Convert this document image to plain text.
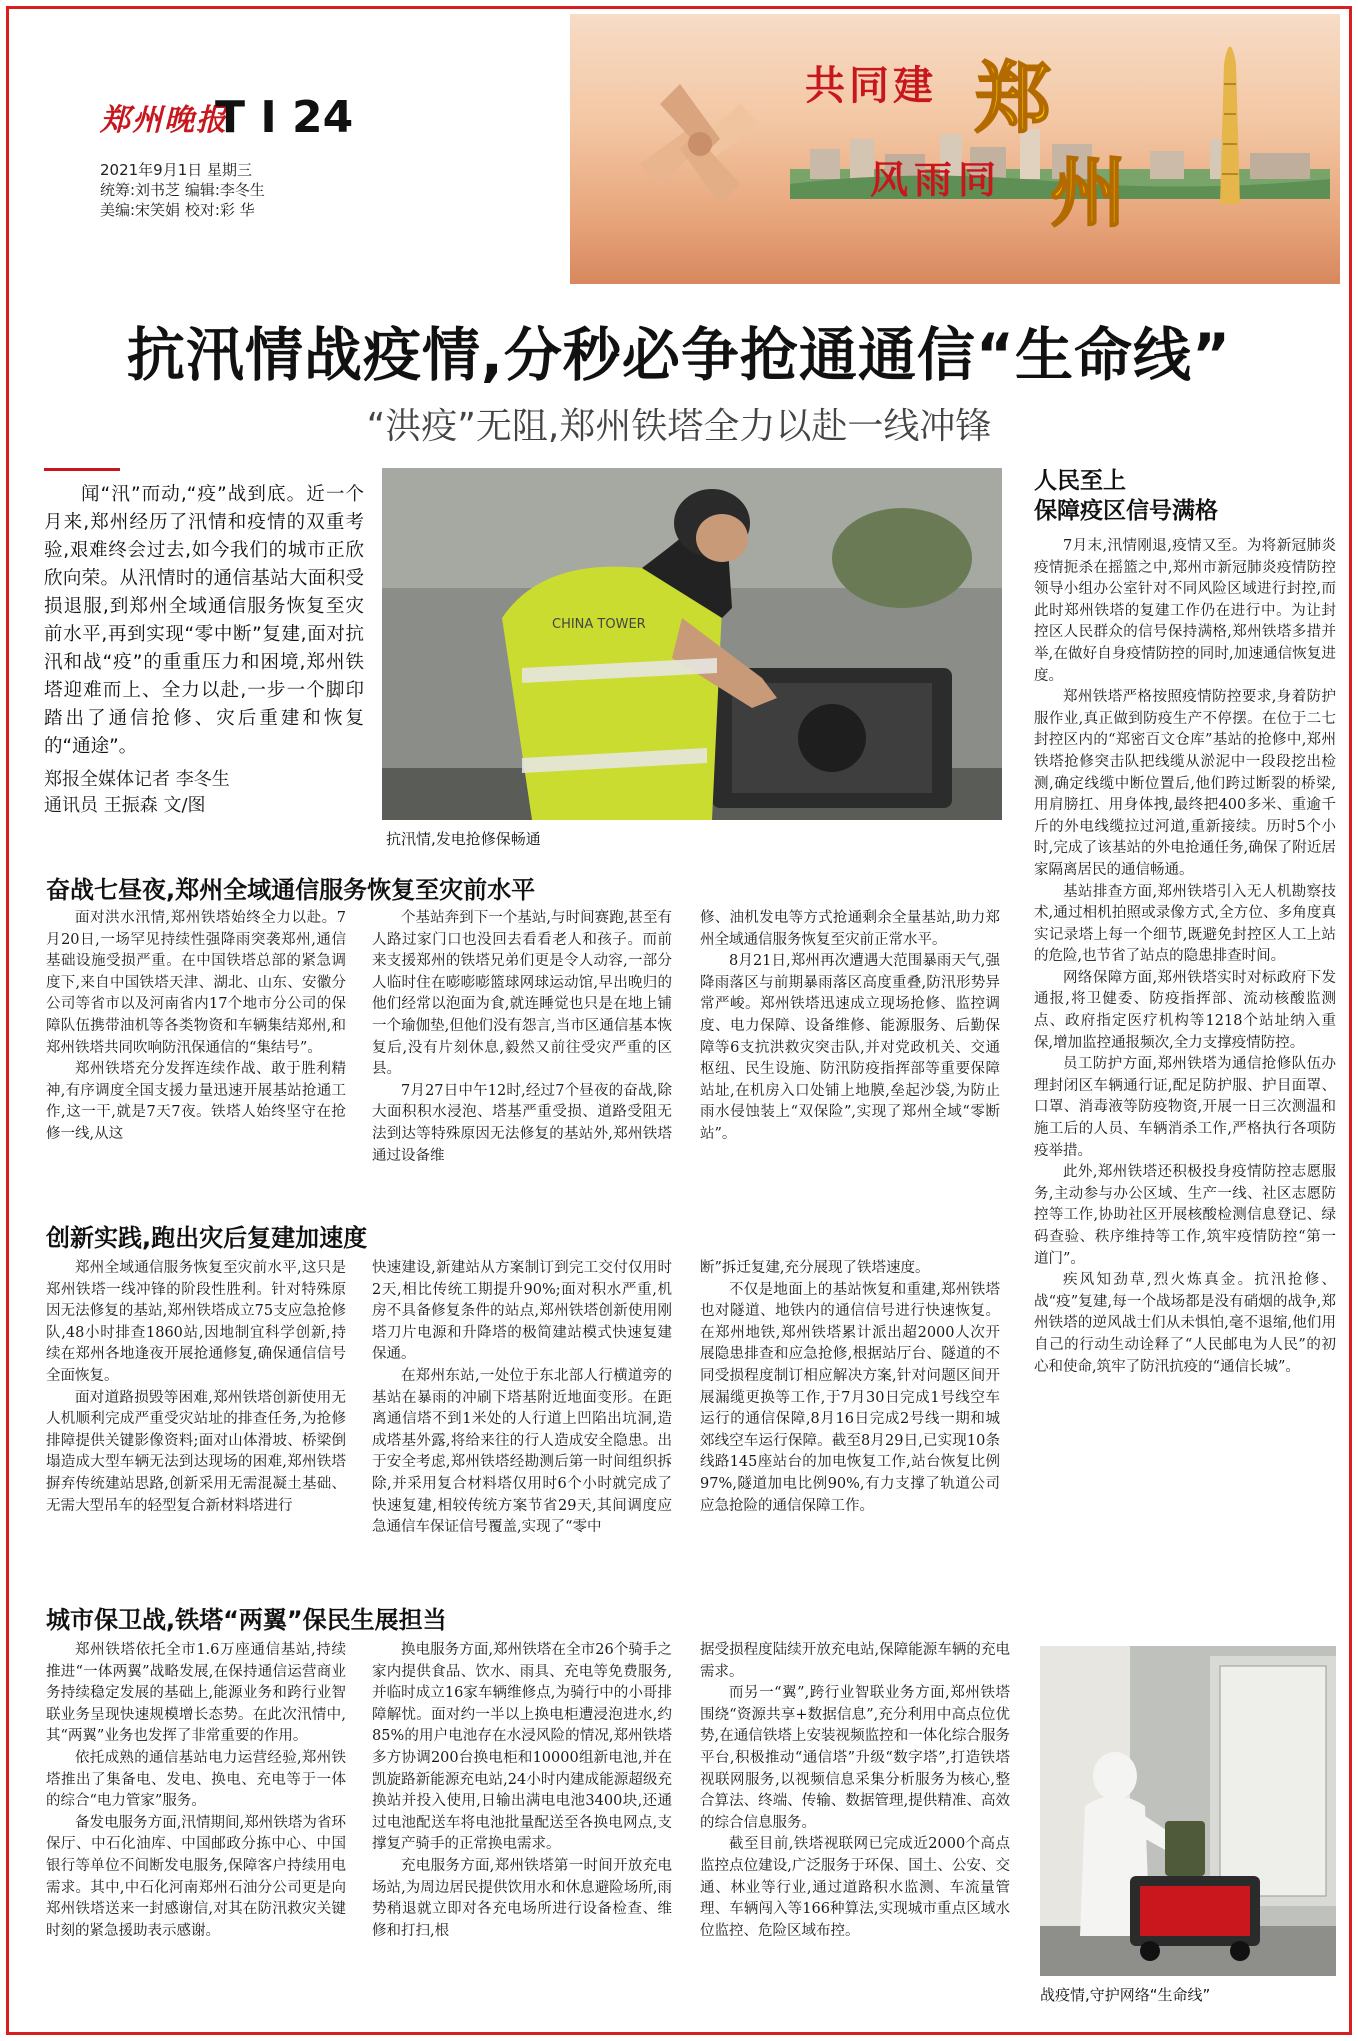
郑州晚报
T I 24
2021年9月1日 星期三
统筹:刘书芝 编辑:李冬生
美编:宋笑娟 校对:彩 华
共同建 郑
风雨同 州
抗汛情战疫情,分秒必争抢通通信“生命线”
“洪疫”无阻,郑州铁塔全力以赴一线冲锋

闻“汛”而动,“疫”战到底。近一个月来,郑州经历了汛情和疫情的双重考验,艰难终会过去,如今我们的城市正欣欣向荣。从汛情时的通信基站大面积受损退服,到郑州全域通信服务恢复至灾前水平,再到实现“零中断”复建,面对抗汛和战“疫”的重重压力和困境,郑州铁塔迎难而上、全力以赴,一步一个脚印踏出了通信抢修、灾后重建和恢复的“通途”。

郑报全媒体记者 李冬生
通讯员 王振森 文/图
CHINA TOWER
抗汛情,发电抢修保畅通
人民至上
保障疫区信号满格

7月末,汛情刚退,疫情又至。为将新冠肺炎疫情扼杀在摇篮之中,郑州市新冠肺炎疫情防控领导小组办公室针对不同风险区域进行封控,而此时郑州铁塔的复建工作仍在进行中。为让封控区人民群众的信号保持满格,郑州铁塔多措并举,在做好自身疫情防控的同时,加速通信恢复进度。

郑州铁塔严格按照疫情防控要求,身着防护服作业,真正做到防疫生产不停摆。在位于二七封控区内的“郑密百文仓库”基站的抢修中,郑州铁塔抢修突击队把线缆从淤泥中一段段挖出检测,确定线缆中断位置后,他们跨过断裂的桥梁,用肩膀扛、用身体拽,最终把400多米、重逾千斤的外电线缆拉过河道,重新接续。历时5个小时,完成了该基站的外电抢通任务,确保了附近居家隔离居民的通信畅通。

基站排查方面,郑州铁塔引入无人机勘察技术,通过相机拍照或录像方式,全方位、多角度真实记录塔上每一个细节,既避免封控区人工上站的危险,也节省了站点的隐患排查时间。

网络保障方面,郑州铁塔实时对标政府下发通报,将卫健委、防疫指挥部、流动核酸监测点、政府指定医疗机构等1218个站址纳入重保,增加监控通报频次,全力支撑疫情防控。

员工防护方面,郑州铁塔为通信抢修队伍办理封闭区车辆通行证,配足防护服、护目面罩、口罩、消毒液等防疫物资,开展一日三次测温和施工后的人员、车辆消杀工作,严格执行各项防疫举措。

此外,郑州铁塔还积极投身疫情防控志愿服务,主动参与办公区域、生产一线、社区志愿防控等工作,协助社区开展核酸检测信息登记、绿码查验、秩序维持等工作,筑牢疫情防控“第一道门”。

疾风知劲草,烈火炼真金。抗汛抢修、战“疫”复建,每一个战场都是没有硝烟的战争,郑州铁塔的逆风战士们从未惧怕,毫不退缩,他们用自己的行动生动诠释了“人民邮电为人民”的初心和使命,筑牢了防汛抗疫的“通信长城”。

奋战七昼夜,郑州全域通信服务恢复至灾前水平

面对洪水汛情,郑州铁塔始终全力以赴。7月20日,一场罕见持续性强降雨突袭郑州,通信基础设施受损严重。在中国铁塔总部的紧急调度下,来自中国铁塔天津、湖北、山东、安徽分公司等省市以及河南省内17个地市分公司的保障队伍携带油机等各类物资和车辆集结郑州,和郑州铁塔共同吹响防汛保通信的“集结号”。

郑州铁塔充分发挥连续作战、敢于胜利精神,有序调度全国支援力量迅速开展基站抢通工作,这一干,就是7天7夜。铁塔人始终坚守在抢修一线,从这

个基站奔到下一个基站,与时间赛跑,甚至有人路过家门口也没回去看看老人和孩子。而前来支援郑州的铁塔兄弟们更是令人动容,一部分人临时住在嘭嘭嘭篮球网球运动馆,早出晚归的他们经常以泡面为食,就连睡觉也只是在地上铺一个瑜伽垫,但他们没有怨言,当市区通信基本恢复后,没有片刻休息,毅然又前往受灾严重的区县。

7月27日中午12时,经过7个昼夜的奋战,除大面积积水浸泡、塔基严重受损、道路受阻无法到达等特殊原因无法修复的基站外,郑州铁塔通过设备维

修、油机发电等方式抢通剩余全量基站,助力郑州全域通信服务恢复至灾前正常水平。

8月21日,郑州再次遭遇大范围暴雨天气,强降雨落区与前期暴雨落区高度重叠,防汛形势异常严峻。郑州铁塔迅速成立现场抢修、监控调度、电力保障、设备维修、能源服务、后勤保障等6支抗洪救灾突击队,并对党政机关、交通枢纽、民生设施、防汛防疫指挥部等重要保障站址,在机房入口处铺上地膜,垒起沙袋,为防止雨水侵蚀装上“双保险”,实现了郑州全域“零断站”。

创新实践,跑出灾后复建加速度

郑州全域通信服务恢复至灾前水平,这只是郑州铁塔一线冲锋的阶段性胜利。针对特殊原因无法修复的基站,郑州铁塔成立75支应急抢修队,48小时排查1860站,因地制宜科学创新,持续在郑州各地逢夜开展抢通修复,确保通信信号全面恢复。

面对道路损毁等困难,郑州铁塔创新使用无人机顺利完成严重受灾站址的排查任务,为抢修排障提供关键影像资料;面对山体滑坡、桥梁倒塌造成大型车辆无法到达现场的困难,郑州铁塔摒弃传统建站思路,创新采用无需混凝土基础、无需大型吊车的轻型复合新材料塔进行

快速建设,新建站从方案制订到完工交付仅用时2天,相比传统工期提升90%;面对积水严重,机房不具备修复条件的站点,郑州铁塔创新使用刚塔刀片电源和升降塔的极简建站模式快速复建保通。

在郑州东站,一处位于东北部人行横道旁的基站在暴雨的冲刷下塔基附近地面变形。在距离通信塔不到1米处的人行道上凹陷出坑洞,造成塔基外露,将给来往的行人造成安全隐患。出于安全考虑,郑州铁塔经勘测后第一时间组织拆除,并采用复合材料塔仅用时6个小时就完成了快速复建,相较传统方案节省29天,其间调度应急通信车保证信号覆盖,实现了“零中

断”拆迁复建,充分展现了铁塔速度。

不仅是地面上的基站恢复和重建,郑州铁塔也对隧道、地铁内的通信信号进行快速恢复。在郑州地铁,郑州铁塔累计派出超2000人次开展隐患排查和应急抢修,根据站厅台、隧道的不同受损程度制订相应解决方案,针对问题区间开展漏缆更换等工作,于7月30日完成1号线空车运行的通信保障,8月16日完成2号线一期和城郊线空车运行保障。截至8月29日,已实现10条线路145座站台的加电恢复工作,站台恢复比例97%,隧道加电比例90%,有力支撑了轨道公司应急抢险的通信保障工作。

城市保卫战,铁塔“两翼”保民生展担当

郑州铁塔依托全市1.6万座通信基站,持续推进“一体两翼”战略发展,在保持通信运营商业务持续稳定发展的基础上,能源业务和跨行业智联业务呈现快速规模增长态势。在此次汛情中,其“两翼”业务也发挥了非常重要的作用。

依托成熟的通信基站电力运营经验,郑州铁塔推出了集备电、发电、换电、充电等于一体的综合“电力管家”服务。

备发电服务方面,汛情期间,郑州铁塔为省环保厅、中石化油库、中国邮政分拣中心、中国银行等单位不间断发电服务,保障客户持续用电需求。其中,中石化河南郑州石油分公司更是向郑州铁塔送来一封感谢信,对其在防汛救灾关键时刻的紧急援助表示感谢。

换电服务方面,郑州铁塔在全市26个骑手之家内提供食品、饮水、雨具、充电等免费服务,并临时成立16家车辆维修点,为骑行中的小哥排障解忧。面对约一半以上换电柜遭浸泡进水,约85%的用户电池存在水浸风险的情况,郑州铁塔多方协调200台换电柜和10000组新电池,并在凯旋路新能源充电站,24小时内建成能源超级充换站并投入使用,日输出满电电池3400块,还通过电池配送车将电池批量配送至各换电网点,支撑复产骑手的正常换电需求。

充电服务方面,郑州铁塔第一时间开放充电场站,为周边居民提供饮用水和休息避险场所,雨势稍退就立即对各充电场所进行设备检查、维修和打扫,根

据受损程度陆续开放充电站,保障能源车辆的充电需求。

而另一“翼”,跨行业智联业务方面,郑州铁塔围绕“资源共享+数据信息”,充分利用中高点位优势,在通信铁塔上安装视频监控和一体化综合服务平台,积极推动“通信塔”升级“数字塔”,打造铁塔视联网服务,以视频信息采集分析服务为核心,整合算法、终端、传输、数据管理,提供精准、高效的综合信息服务。

截至目前,铁塔视联网已完成近2000个高点监控点位建设,广泛服务于环保、国土、公安、交通、林业等行业,通过道路积水监测、车流量管理、车辆闯入等166种算法,实现城市重点区域水位监控、危险区域布控。

战疫情,守护网络“生命线”
